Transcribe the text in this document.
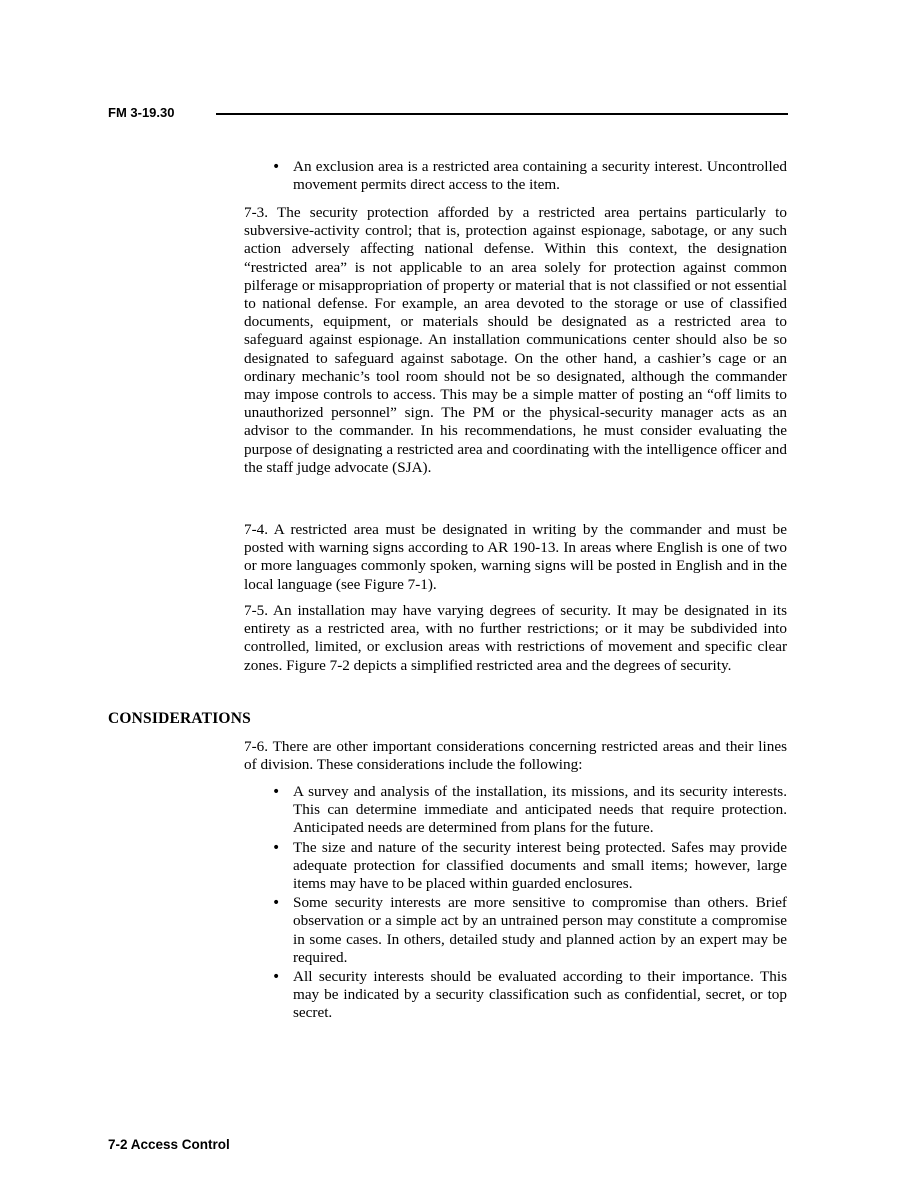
FM 3-19.30
• An exclusion area is a restricted area containing a security interest. Uncontrolled movement permits direct access to the item.

7-3. The security protection afforded by a restricted area pertains particularly to subversive-activity control; that is, protection against espionage, sabotage, or any such action adversely affecting national defense. Within this context, the designation “restricted area” is not applicable to an area solely for protection against common pilferage or misappropriation of property or material that is not classified or not essential to national defense. For example, an area devoted to the storage or use of classified documents, equipment, or materials should be designated as a restricted area to safeguard against espionage. An installation communications center should also be so designated to safeguard against sabotage. On the other hand, a cashier’s cage or an ordinary mechanic’s tool room should not be so designated, although the commander may impose controls to access. This may be a simple matter of posting an “off limits to unauthorized personnel” sign. The PM or the physical-security manager acts as an advisor to the commander. In his recommendations, he must consider evaluating the purpose of designating a restricted area and coordinating with the intelligence officer and the staff judge advocate (SJA).

7-4. A restricted area must be designated in writing by the commander and must be posted with warning signs according to AR 190-13. In areas where English is one of two or more languages commonly spoken, warning signs will be posted in English and in the local language (see Figure 7-1).

7-5. An installation may have varying degrees of security. It may be designated in its entirety as a restricted area, with no further restrictions; or it may be subdivided into controlled, limited, or exclusion areas with restrictions of movement and specific clear zones. Figure 7-2 depicts a simplified restricted area and the degrees of security.

CONSIDERATIONS

7-6. There are other important considerations concerning restricted areas and their lines of division. These considerations include the following:

• A survey and analysis of the installation, its missions, and its security interests. This can determine immediate and anticipated needs that require protection. Anticipated needs are determined from plans for the future.
• The size and nature of the security interest being protected. Safes may provide adequate protection for classified documents and small items; however, large items may have to be placed within guarded enclosures.
• Some security interests are more sensitive to compromise than others. Brief observation or a simple act by an untrained person may constitute a compromise in some cases. In others, detailed study and planned action by an expert may be required.
• All security interests should be evaluated according to their importance. This may be indicated by a security classification such as confidential, secret, or top secret.
7-2 Access Control
